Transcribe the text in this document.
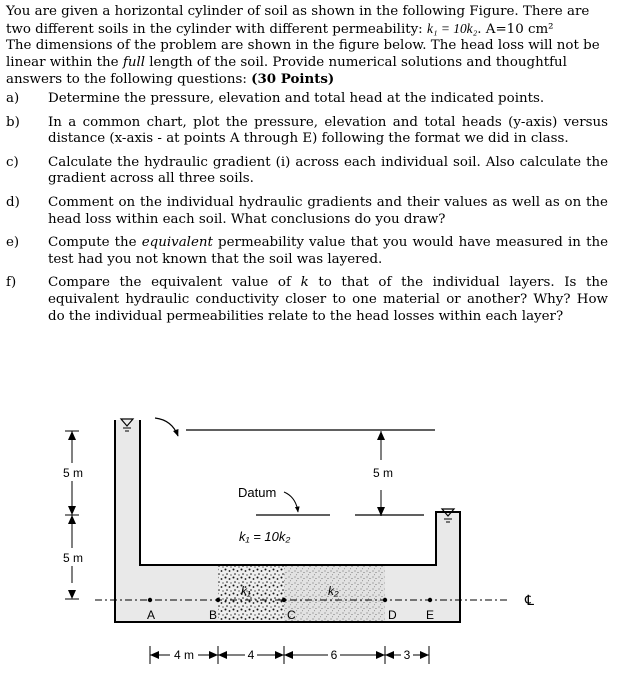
You are given a horizontal cylinder of soil as shown in the following Figure. There are

two different soils in the cylinder with different permeability: k₁ = 10k₂. A=10 cm²

The dimensions of the problem are shown in the figure below. The head loss will not be

linear within the full length of the soil. Provide numerical solutions and thoughtful

answers to the following questions: (30 Points)

a)	Determine the pressure, elevation and total head at the indicated points.
b)	In a common chart, plot the pressure, elevation and total heads (y-axis) versus distance (x-axis - at points A through E) following the format we did in class.
c)	Calculate the hydraulic gradient (i) across each individual soil. Also calculate the gradient across all three soils.
d)	Comment on the individual hydraulic gradients and their values as well as on the head loss within each soil. What conclusions do you draw?
e)	Compute the equivalent permeability value that you would have measured in the test had you not known that the soil was layered.
f)	Compare the equivalent value of k to that of the individual layers. Is the equivalent hydraulic conductivity closer to one material or another? Why? How do the individual permeabilities relate to the head losses within each layer?
℄
5 m
5 m
5 m
Datum
k₁ = 10k₂
k₁	k₂
A	B	C	D E
4 m	4	6	3
